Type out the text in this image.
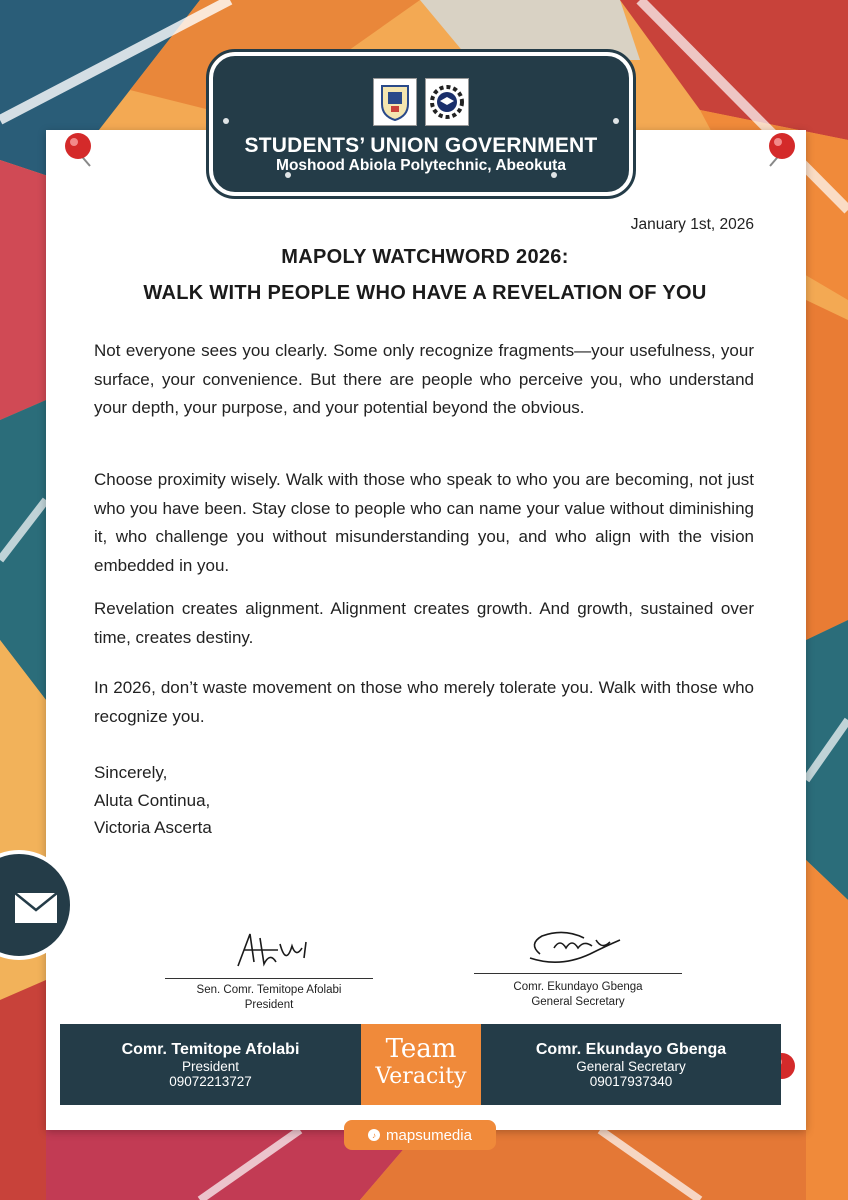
STUDENTS’ UNION GOVERNMENT
Moshood Abiola Polytechnic, Abeokuta
January 1st, 2026
MAPOLY WATCHWORD 2026:
WALK WITH PEOPLE WHO HAVE A REVELATION OF YOU

Not everyone sees you clearly. Some only recognize fragments—your usefulness, your surface, your convenience. But there are people who perceive you, who understand your depth, your purpose, and your potential beyond the obvious.

Choose proximity wisely. Walk with those who speak to who you are becoming, not just who you have been. Stay close to people who can name your value without diminishing it, who challenge you without misunderstanding you, and who align with the vision embedded in you.

Revelation creates alignment. Alignment creates growth. And growth, sustained over time, creates destiny.

In 2026, don’t waste movement on those who merely tolerate you. Walk with those who recognize you.

Sincerely,
Aluta Continua,
Victoria Ascerta
Sen. Comr. Temitope Afolabi
President
Comr. Ekundayo Gbenga
General Secretary
Comr. Temitope Afolabi
President
09072213727
Team
Veracity
Comr. Ekundayo Gbenga
General Secretary
09017937340
♪ mapsumedia
